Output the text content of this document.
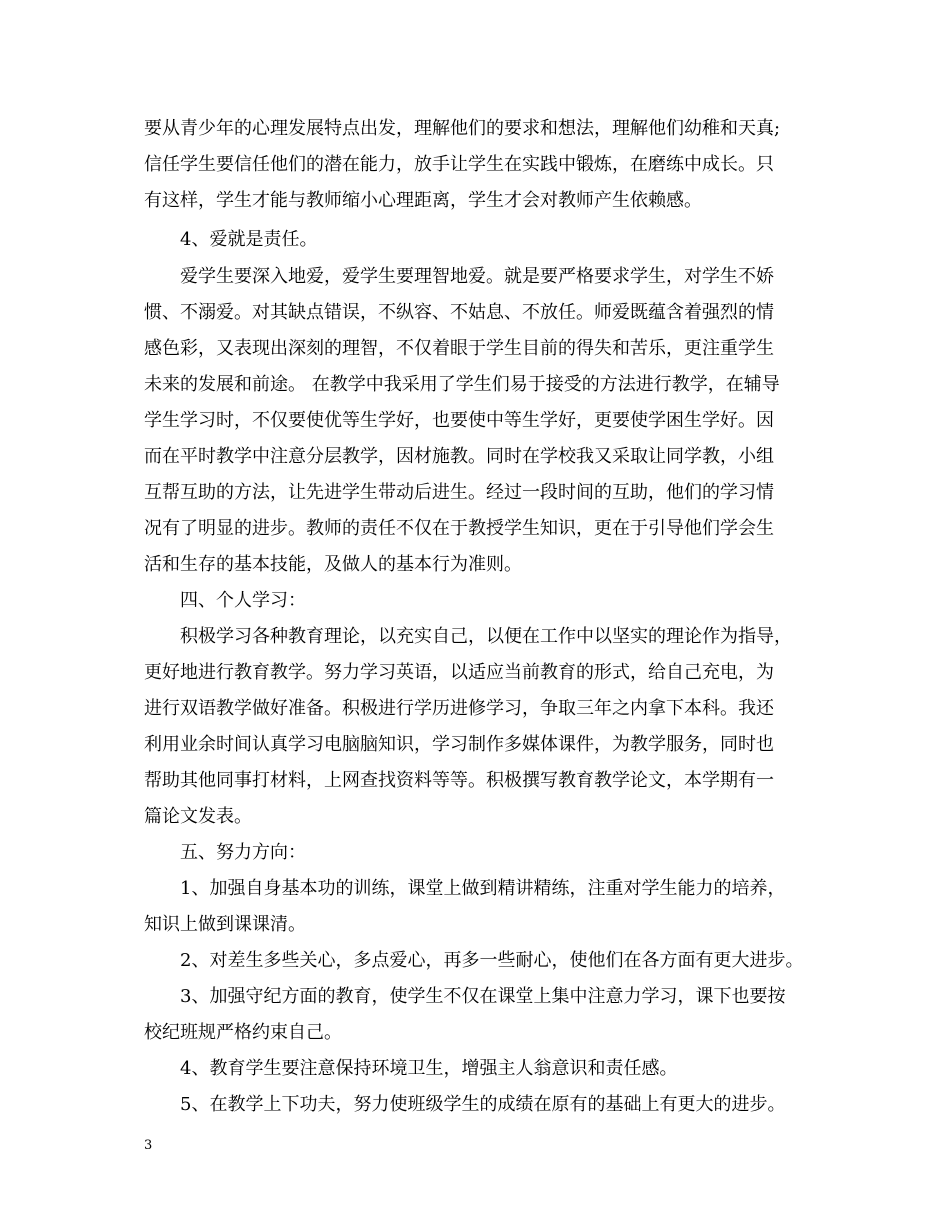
要从青少年的心理发展特点出发，理解他们的要求和想法，理解他们幼稚和天真;
信任学生要信任他们的潜在能力，放手让学生在实践中锻炼，在磨练中成长。只
有这样，学生才能与教师缩小心理距离，学生才会对教师产生依赖感。
4、爱就是责任。
爱学生要深入地爱，爱学生要理智地爱。就是要严格要求学生，对学生不娇
惯、不溺爱。对其缺点错误，不纵容、不姑息、不放任。师爱既蕴含着强烈的情
感色彩，又表现出深刻的理智，不仅着眼于学生目前的得失和苦乐，更注重学生
未来的发展和前途。 在教学中我采用了学生们易于接受的方法进行教学，在辅导
学生学习时，不仅要使优等生学好，也要使中等生学好，更要使学困生学好。因
而在平时教学中注意分层教学，因材施教。同时在学校我又采取让同学教，小组
互帮互助的方法，让先进学生带动后进生。经过一段时间的互助，他们的学习情
况有了明显的进步。教师的责任不仅在于教授学生知识，更在于引导他们学会生
活和生存的基本技能，及做人的基本行为准则。
四、个人学习：
积极学习各种教育理论，以充实自己，以便在工作中以坚实的理论作为指导，
更好地进行教育教学。努力学习英语，以适应当前教育的形式，给自己充电，为
进行双语教学做好准备。积极进行学历进修学习，争取三年之内拿下本科。我还
利用业余时间认真学习电脑脑知识，学习制作多媒体课件，为教学服务，同时也
帮助其他同事打材料，上网查找资料等等。积极撰写教育教学论文，本学期有一
篇论文发表。
五、努力方向：
1、加强自身基本功的训练，课堂上做到精讲精练，注重对学生能力的培养，
知识上做到课课清。
2、对差生多些关心，多点爱心，再多一些耐心，使他们在各方面有更大进步。
3、加强守纪方面的教育，使学生不仅在课堂上集中注意力学习，课下也要按
校纪班规严格约束自己。
4、教育学生要注意保持环境卫生，增强主人翁意识和责任感。
5、在教学上下功夫，努力使班级学生的成绩在原有的基础上有更大的进步。
3
